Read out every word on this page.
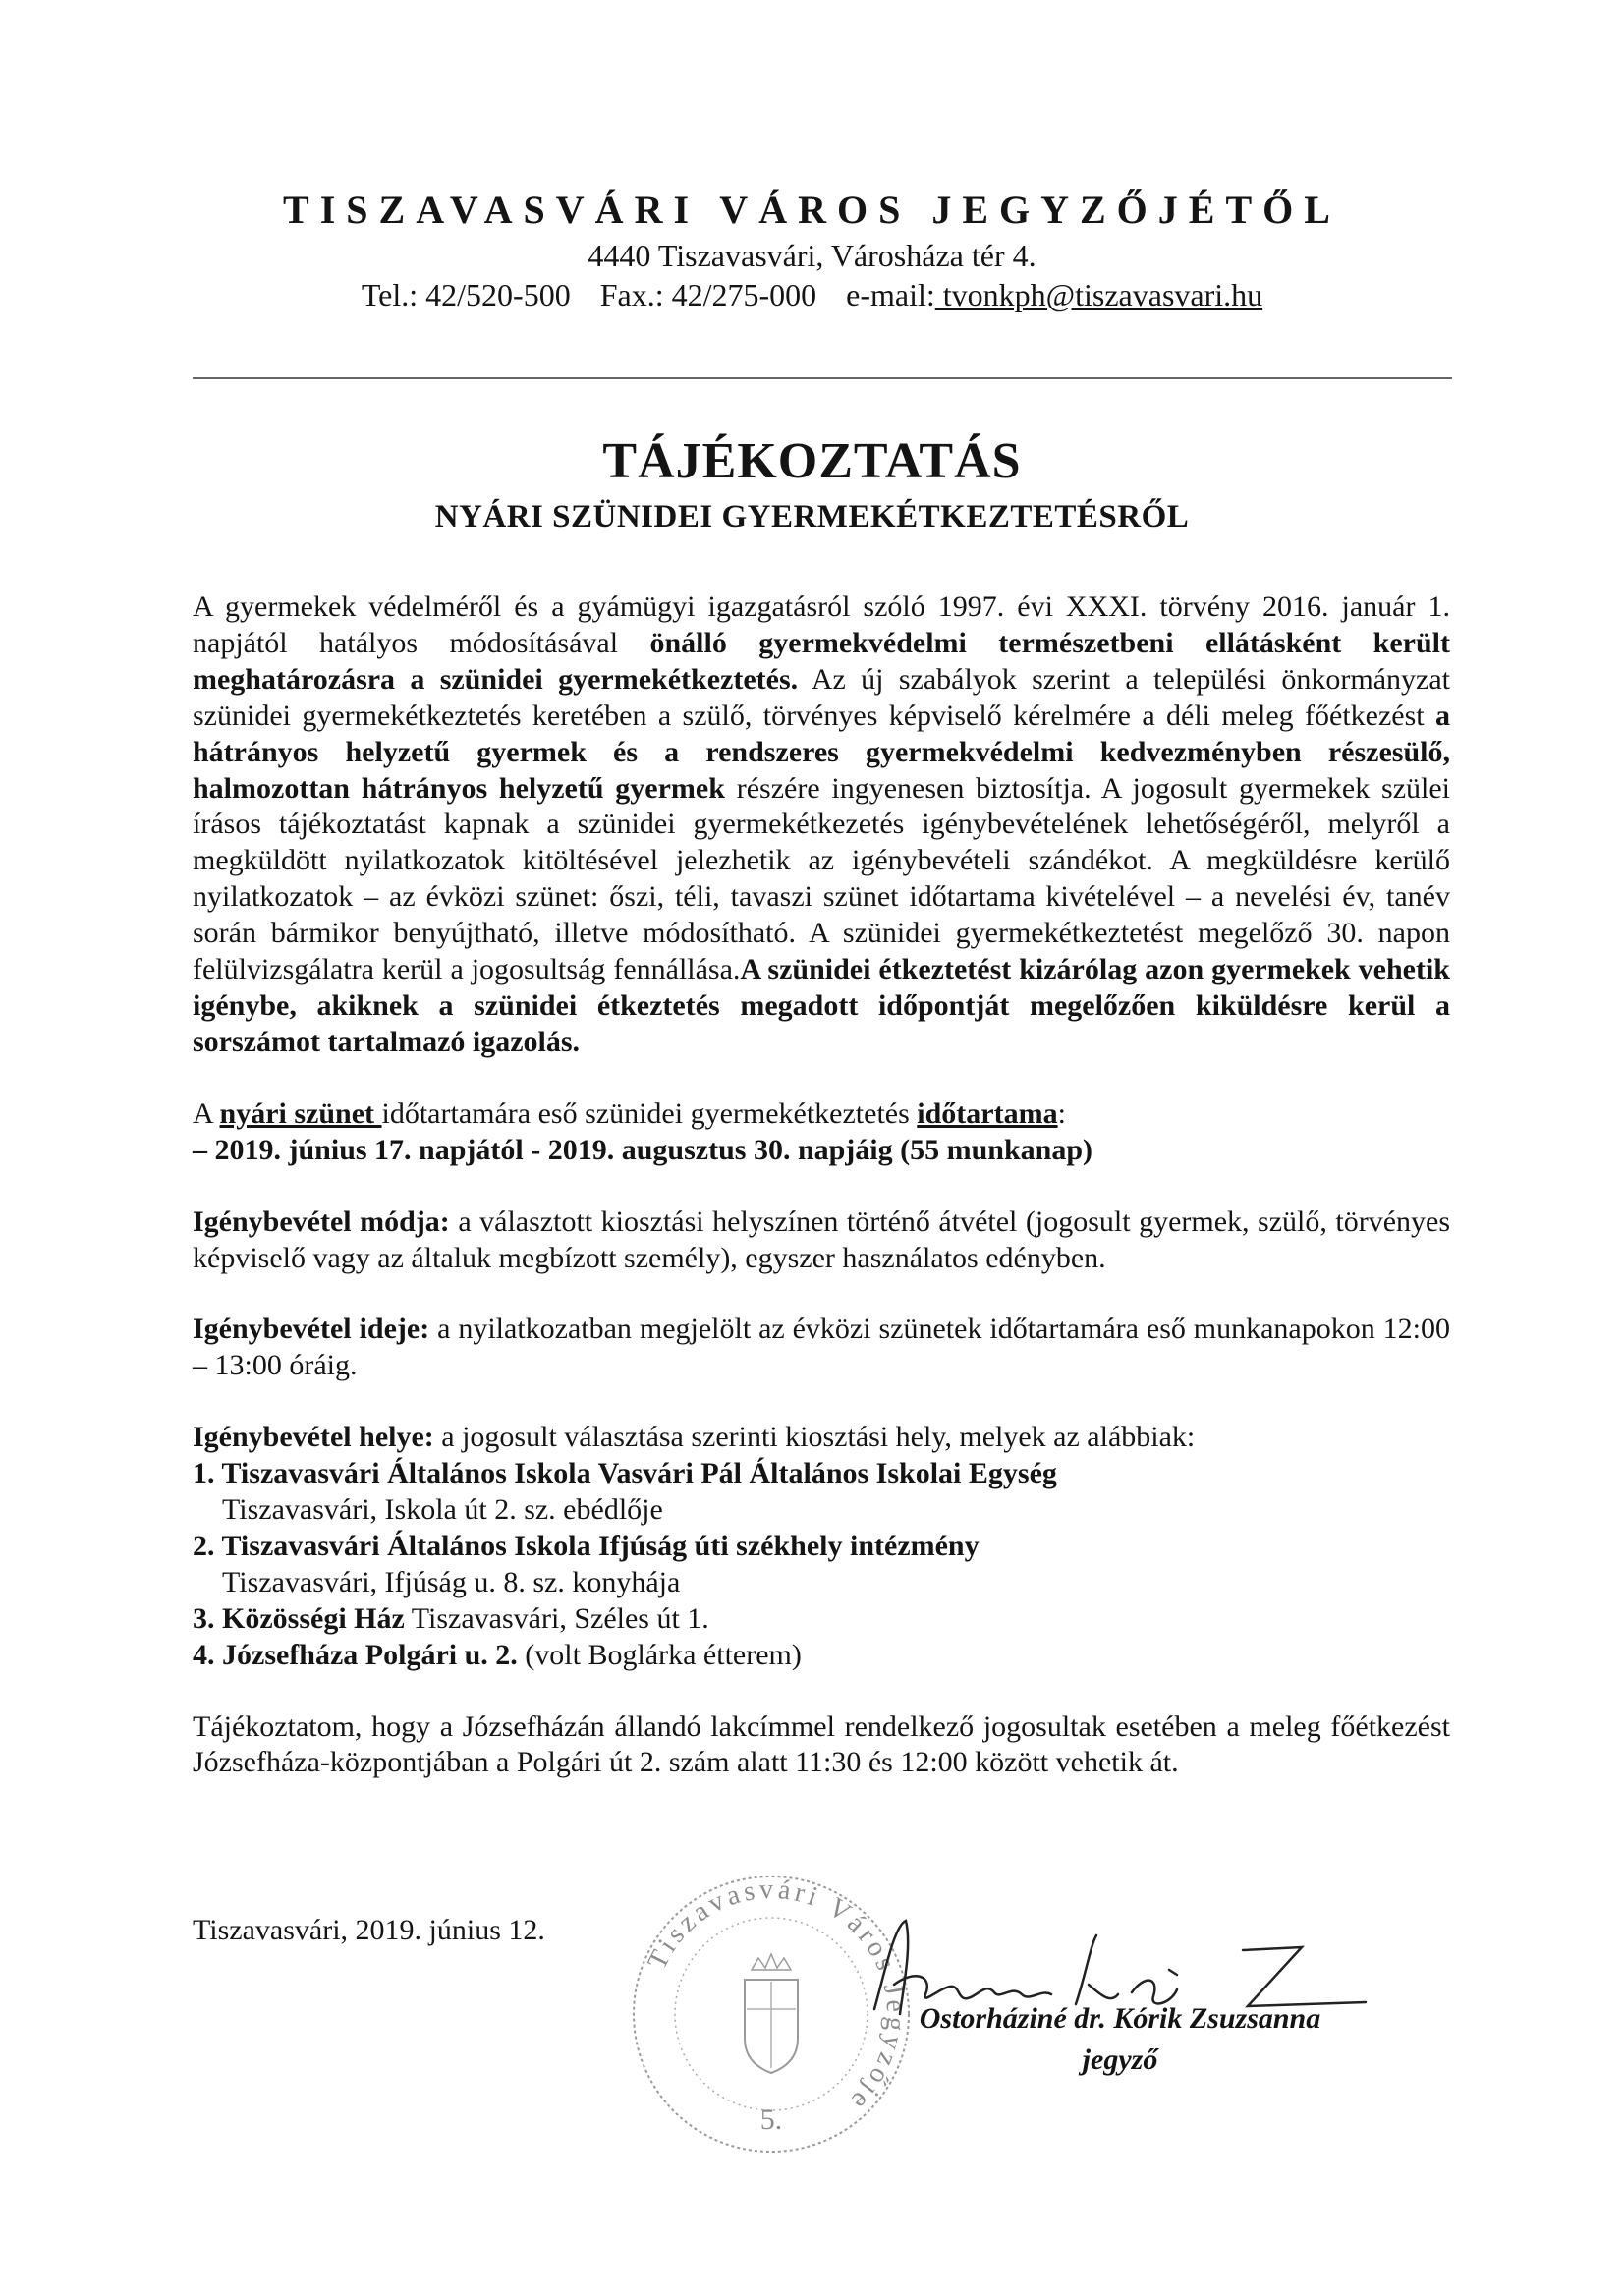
TISZAVASVÁRI VÁROS JEGYZŐJÉTŐL
4440 Tiszavasvári, Városháza tér 4.
Tel.: 42/520-500 Fax.: 42/275-000 e-mail: tvonkph@tiszavasvari.hu
TÁJÉKOZTATÁS
NYÁRI SZÜNIDEI GYERMEKÉTKEZTETÉSRŐL

A gyermekek védelméről és a gyámügyi igazgatásról szóló 1997. évi XXXI. törvény 2016. január 1. napjától hatályos módosításával önálló gyermekvédelmi természetbeni ellátásként került meghatározásra a szünidei gyermekétkeztetés. Az új szabályok szerint a települési önkormányzat szünidei gyermekétkeztetés keretében a szülő, törvényes képviselő kérelmére a déli meleg főétkezést a hátrányos helyzetű gyermek és a rendszeres gyermekvédelmi kedvezményben részesülő, halmozottan hátrányos helyzetű gyermek részére ingyenesen biztosítja. A jogosult gyermekek szülei írásos tájékoztatást kapnak a szünidei gyermekétkezetés igénybevételének lehetőségéről, melyről a megküldött nyilatkozatok kitöltésével jelezhetik az igénybevételi szándékot. A megküldésre kerülő nyilatkozatok – az évközi szünet: őszi, téli, tavaszi szünet időtartama kivételével – a nevelési év, tanév során bármikor benyújtható, illetve módosítható. A szünidei gyermekétkeztetést megelőző 30. napon felülvizsgálatra kerül a jogosultság fennállása.A szünidei étkeztetést kizárólag azon gyermekek vehetik igénybe, akiknek a szünidei étkeztetés megadott időpontját megelőzően kiküldésre kerül a sorszámot tartalmazó igazolás.

A nyári szünet időtartamára eső szünidei gyermekétkeztetés időtartama:

– 2019. június 17. napjától - 2019. augusztus 30. napjáig (55 munkanap)

Igénybevétel módja: a választott kiosztási helyszínen történő átvétel (jogosult gyermek, szülő, törvényes képviselő vagy az általuk megbízott személy), egyszer használatos edényben.

Igénybevétel ideje: a nyilatkozatban megjelölt az évközi szünetek időtartamára eső munkanapokon 12:00 – 13:00 óráig.

Igénybevétel helye: a jogosult választása szerinti kiosztási hely, melyek az alábbiak:

1. Tiszavasvári Általános Iskola Vasvári Pál Általános Iskolai Egység

Tiszavasvári, Iskola út 2. sz. ebédlője

2. Tiszavasvári Általános Iskola Ifjúság úti székhely intézmény

Tiszavasvári, Ifjúság u. 8. sz. konyhája

3. Közösségi Ház Tiszavasvári, Széles út 1.

4. Józsefháza Polgári u. 2. (volt Boglárka étterem)

Tájékoztatom, hogy a Józsefházán állandó lakcímmel rendelkező jogosultak esetében a meleg főétkezést Józsefháza-központjában a Polgári út 2. szám alatt 11:30 és 12:00 között vehetik át.

Tiszavasvári, 2019. június 12.
Tiszavasvári Város Jegyzője
5.
Ostorháziné dr. Kórik Zsuzsanna
jegyző
